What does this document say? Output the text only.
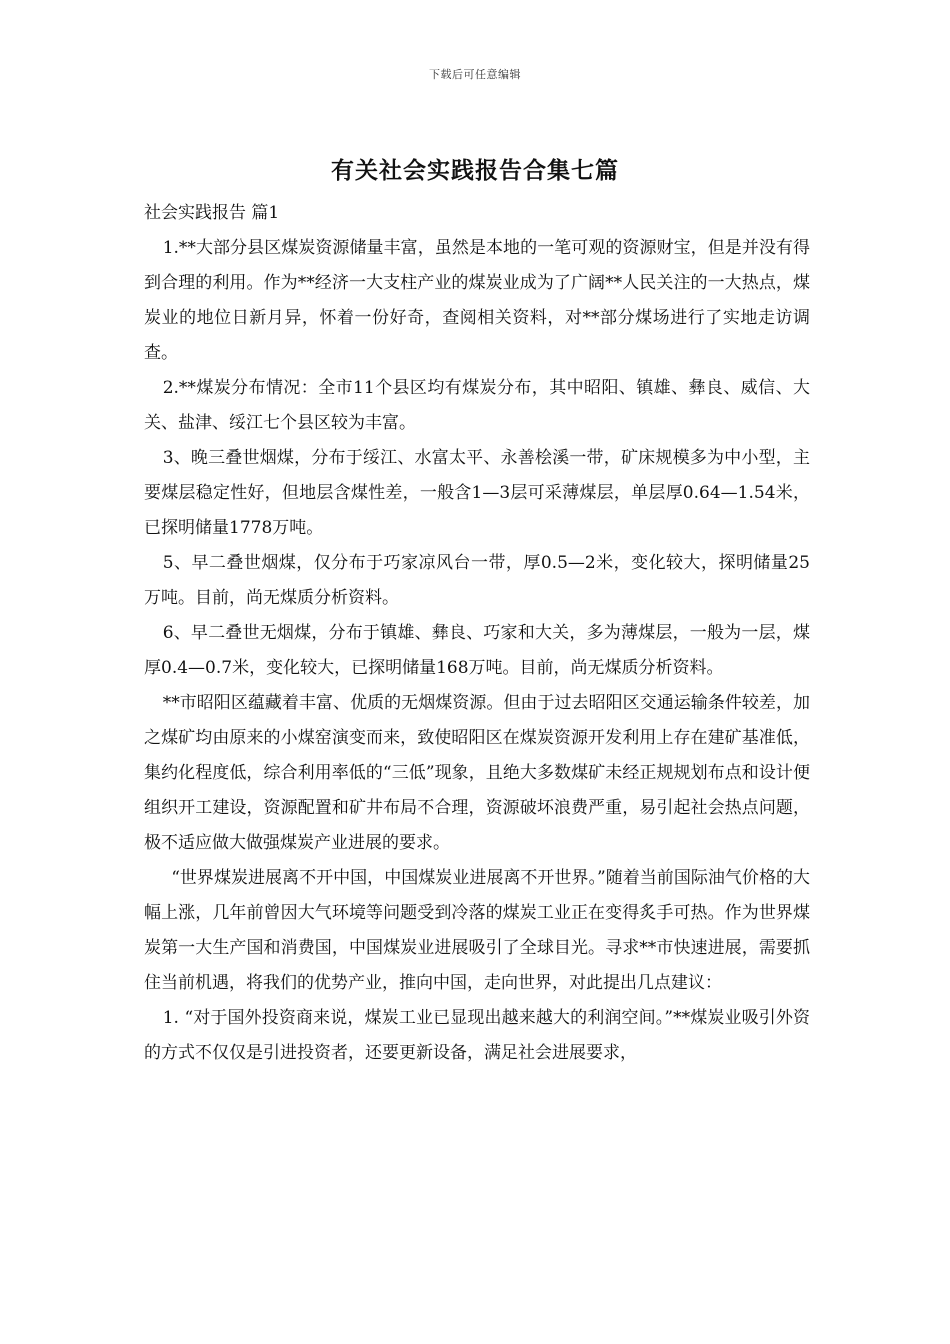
下载后可任意编辑
有关社会实践报告合集七篇

社会实践报告 篇1

1.**大部分县区煤炭资源储量丰富，虽然是本地的一笔可观的资源财宝，但是并没有得到合理的利用。作为**经济一大支柱产业的煤炭业成为了广阔**人民关注的一大热点，煤炭业的地位日新月异，怀着一份好奇，查阅相关资料，对**部分煤场进行了实地走访调查。

2.**煤炭分布情况：全市11个县区均有煤炭分布，其中昭阳、镇雄、彝良、威信、大关、盐津、绥江七个县区较为丰富。

3、晚三叠世烟煤，分布于绥江、水富太平、永善桧溪一带，矿床规模多为中小型，主要煤层稳定性好，但地层含煤性差，一般含1—3层可采薄煤层，单层厚0.64—1.54米，已探明储量1778万吨。

5、早二叠世烟煤，仅分布于巧家凉风台一带，厚0.5—2米，变化较大，探明储量25万吨。目前，尚无煤质分析资料。

6、早二叠世无烟煤，分布于镇雄、彝良、巧家和大关，多为薄煤层，一般为一层，煤厚0.4—0.7米，变化较大，已探明储量168万吨。目前，尚无煤质分析资料。

**市昭阳区蕴藏着丰富、优质的无烟煤资源。但由于过去昭阳区交通运输条件较差，加之煤矿均由原来的小煤窑演变而来，致使昭阳区在煤炭资源开发利用上存在建矿基准低，集约化程度低，综合利用率低的“三低”现象，且绝大多数煤矿未经正规规划布点和设计便组织开工建设，资源配置和矿井布局不合理，资源破坏浪费严重，易引起社会热点问题，极不适应做大做强煤炭产业进展的要求。

“世界煤炭进展离不开中国，中国煤炭业进展离不开世界。”随着当前国际油气价格的大幅上涨，几年前曾因大气环境等问题受到冷落的煤炭工业正在变得炙手可热。作为世界煤炭第一大生产国和消费国，中国煤炭业进展吸引了全球目光。寻求**市快速进展，需要抓住当前机遇，将我们的优势产业，推向中国，走向世界，对此提出几点建议：

1. “对于国外投资商来说，煤炭工业已显现出越来越大的利润空间。”**煤炭业吸引外资的方式不仅仅是引进投资者，还要更新设备，满足社会进展要求，
